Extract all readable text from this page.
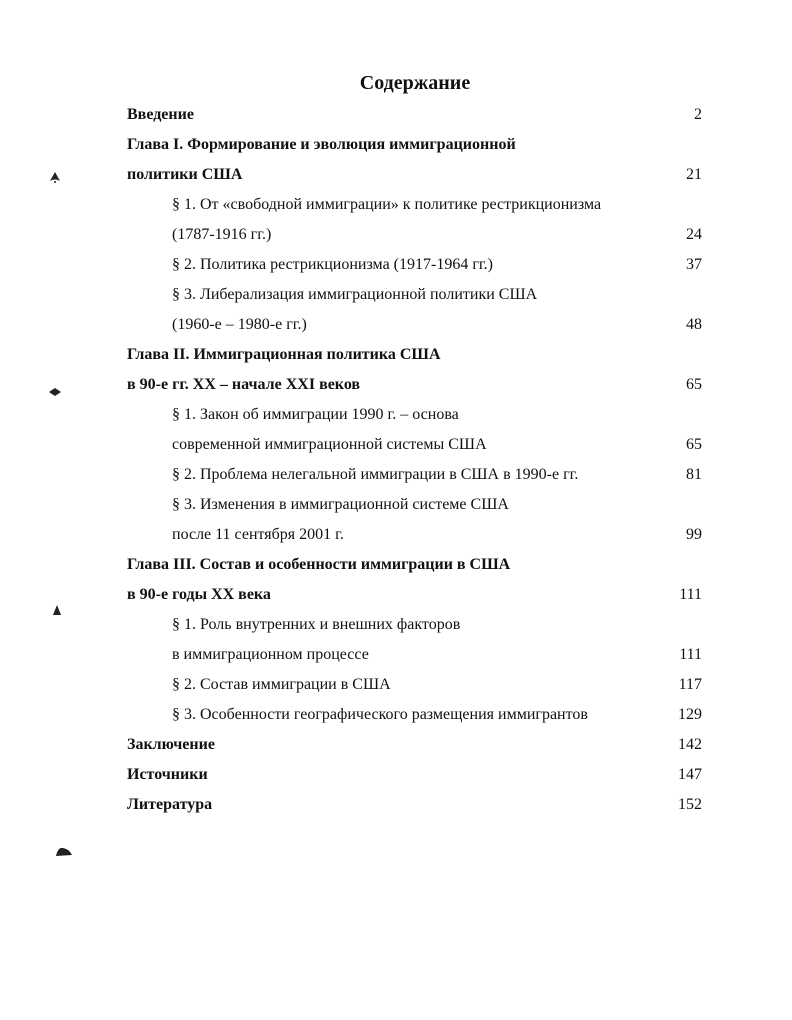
Содержание
Введение	2
Глава I. Формирование и эволюция иммиграционной
политики США	21
§ 1. От «свободной иммиграции» к политике рестрикционизма
(1787-1916 гг.)	24
§ 2. Политика рестрикционизма (1917-1964 гг.)	37
§ 3. Либерализация иммиграционной политики США
(1960-е – 1980-е гг.)	48
Глава II. Иммиграционная политика США
в 90-е гг. XX – начале XXI веков	65
§ 1. Закон об иммиграции 1990 г. – основа
современной иммиграционной системы США	65
§ 2. Проблема нелегальной иммиграции в США в 1990-е гг.	81
§ 3. Изменения в иммиграционной системе США
после 11 сентября 2001 г.	99
Глава III. Состав и особенности иммиграции в США
в 90-е годы XX века	111
§ 1. Роль внутренних и внешних факторов
в иммиграционном процессе	111
§ 2. Состав иммиграции в США	117
§ 3. Особенности географического размещения иммигрантов	129
Заключение	142
Источники	147
Литература	152
